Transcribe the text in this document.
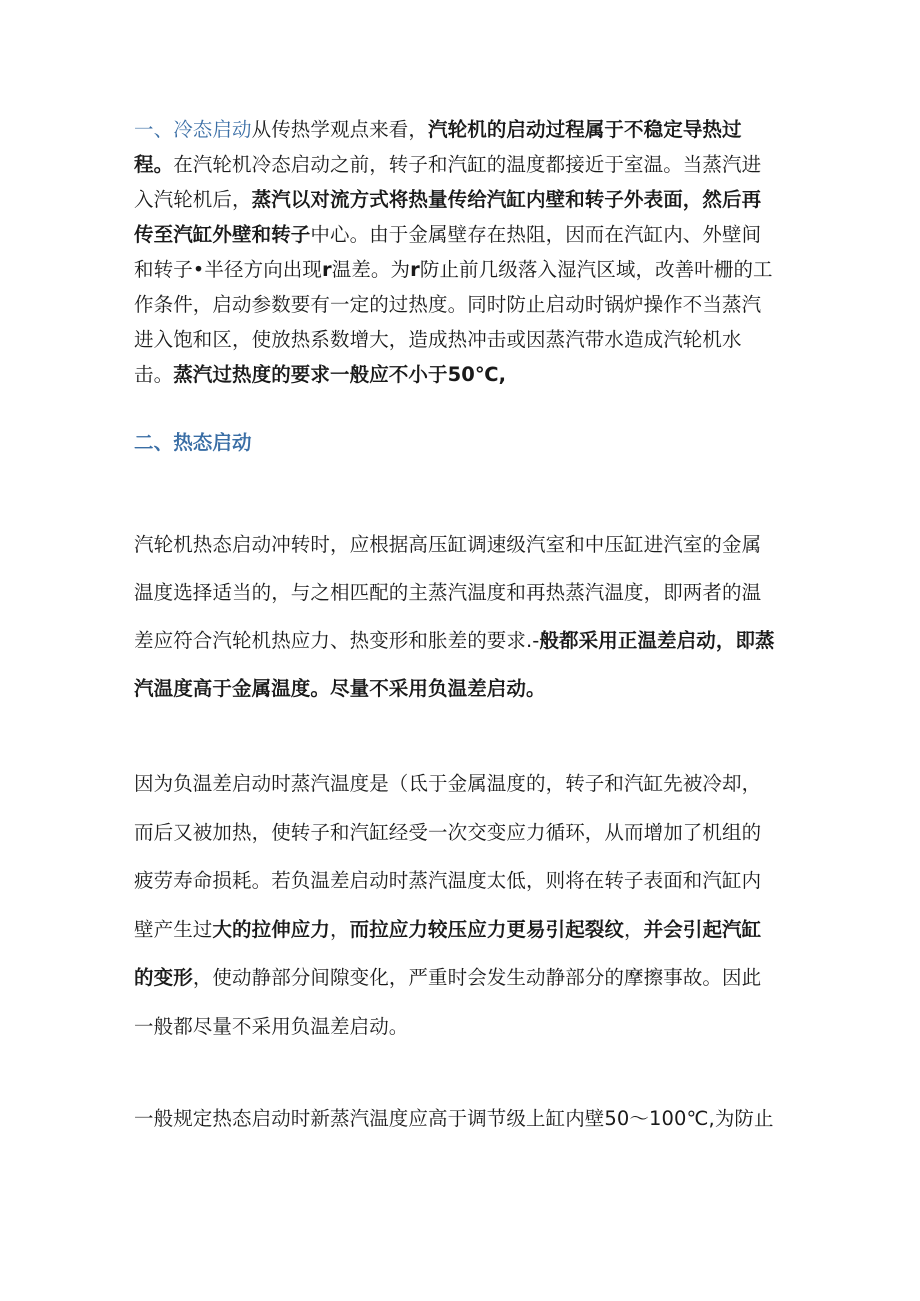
一、冷态启动从传热学观点来看，汽轮机的启动过程属于不稳定导热过程。在汽轮机冷态启动之前，转子和汽缸的温度都接近于室温。当蒸汽进入汽轮机后，蒸汽以对流方式将热量传给汽缸内壁和转子外表面，然后再传至汽缸外壁和转子中心。由于金属壁存在热阻，因而在汽缸内、外壁间和转子•半径方向出现r温差。为r防止前几级落入湿汽区域，改善叶栅的工作条件，启动参数要有一定的过热度。同时防止启动时锅炉操作不当蒸汽进入饱和区，使放热系数增大，造成热冲击或因蒸汽带水造成汽轮机水击。蒸汽过热度的要求一般应不小于50℃,

二、热态启动

汽轮机热态启动冲转时，应根据高压缸调速级汽室和中压缸进汽室的金属温度选择适当的，与之相匹配的主蒸汽温度和再热蒸汽温度，即两者的温差应符合汽轮机热应力、热变形和胀差的要求.-般都采用正温差启动，即蒸汽温度高于金属温度。尽量不采用负温差启动。

因为负温差启动时蒸汽温度是（氐于金属温度的，转子和汽缸先被冷却，而后又被加热，使转子和汽缸经受一次交变应力循环，从而增加了机组的疲劳寿命损耗。若负温差启动时蒸汽温度太低，则将在转子表面和汽缸内壁产生过大的拉伸应力，而拉应力较压应力更易引起裂纹，并会引起汽缸的变形，使动静部分间隙变化，严重时会发生动静部分的摩擦事故。因此一般都尽量不采用负温差启动。

一般规定热态启动时新蒸汽温度应高于调节级上缸内壁50～100℃,为防止
